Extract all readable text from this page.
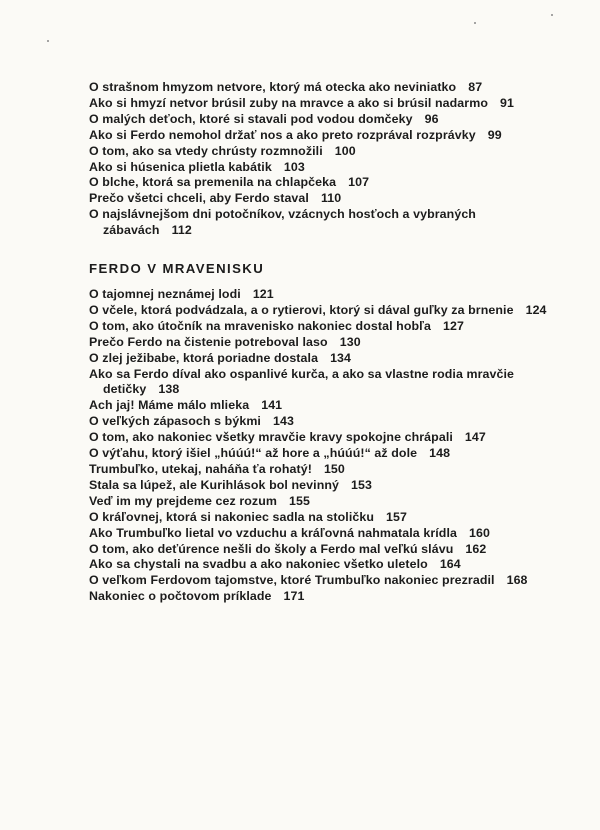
O strašnom hmyzom netvore, ktorý má otecka ako neviniatko 87
Ako si hmyzí netvor brúsil zuby na mravce a ako si brúsil nadarmo 91
O malých deťoch, ktoré si stavali pod vodou domčeky 96
Ako si Ferdo nemohol držať nos a ako preto rozprával rozprávky 99
O tom, ako sa vtedy chrústy rozmnožili 100
Ako si húsenica plietla kabátik 103
O blche, ktorá sa premenila na chlapčeka 107
Prečo všetci chceli, aby Ferdo staval 110
O najslávnejšom dni potočníkov, vzácnych hosťoch a vybraných
zábavách 112
FERDO V MRAVENISKU
O tajomnej neznámej lodi 121
O včele, ktorá podvádzala, a o rytierovi, ktorý si dával guľky za brnenie 124
O tom, ako útočník na mravenisko nakoniec dostal hobľa 127
Prečo Ferdo na čistenie potreboval laso 130
O zlej ježibabe, ktorá poriadne dostala 134
Ako sa Ferdo díval ako ospanlivé kurča, a ako sa vlastne rodia mravčie
detičky 138
Ach jaj! Máme málo mlieka 141
O veľkých zápasoch s býkmi 143
O tom, ako nakoniec všetky mravčie kravy spokojne chrápali 147
O výťahu, ktorý išiel „húúú!“ až hore a „húúú!“ až dole 148
Trumbuľko, utekaj, naháňa ťa rohatý! 150
Stala sa lúpež, ale Kurihlások bol nevinný 153
Veď im my prejdeme cez rozum 155
O kráľovnej, ktorá si nakoniec sadla na stoličku 157
Ako Trumbuľko lietal vo vzduchu a kráľovná nahmatala krídla 160
O tom, ako deťúrence nešli do školy a Ferdo mal veľkú slávu 162
Ako sa chystali na svadbu a ako nakoniec všetko uletelo 164
O veľkom Ferdovom tajomstve, ktoré Trumbuľko nakoniec prezradil 168
Nakoniec o počtovom príklade 171
